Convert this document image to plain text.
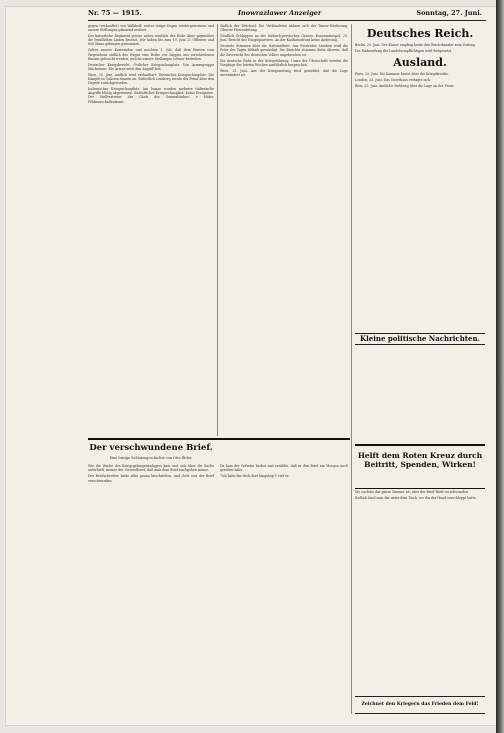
Nr. 75 — 1915.	Inowrazlawer Anzeiger	Sonntag, 27. Juni.

gegen (verkaufter) von Walkhoff, weiter einige Degen wiedergewonnen und unsere Stellungen glänzend erobert.

Der kaiserliche Regiment grosse neben westlich des Hohe Ahne gegenüber die feindlichen Linien besetzt. Wir haben bis zum 19. Juni 21 Offiziere und 800 Mann gefangen genommen.

Gehen unsere Kameraden und machten 1. Juli, daß dem Russen vom Wegeschein südlich des Weges eine Reihe von Sappen aus verschiedenen Rinnen gebracht werden, welche unsere Stellungen schwer bedrohen.

Deutscher Kriegsbericht. Östlicher Kriegsschauplatz. Von Armeegruppe Mackensen: Die Armee setzt den Angriff fort.

Wien, 25. Juni. Amtlich wird verlautbart: Russischer Kriegsschauplatz. Die Kämpfe in Galizien dauern an. Südöstlich Lemberg wurde der Feind über den Dnjestr zurückgeworfen.

Italienischer Kriegsschauplatz. Am Isonzo wurden mehrere italienische Angriffe blutig abgewiesen. Südöstlicher Kriegsschauplatz. Keine Ereignisse. Der Stellvertreter des Chefs des Generalstabes: v. Höfer, Feldmarschalleutnant.

Südlich der Weichsel. Die Verbündeten nähern sich der Tanew-Niederung. Oberste Heeresleitung.

Nördlich Schlappen an der türkisch-persischen Grenze. Konstantinopel, 25. Juni. Bericht des Hauptquartiers: An der Kaukasusfront keine Änderung.

Neutrale Stimmen über die Nationalfeier. Aus Neutralen Ländern wird die Feier des Tages lebhaft gewürdigt. Die Berichte stimmen darin überein, daß die Zuversicht des deutschen Volkes ungebrochen ist.

Die deutsche Ruhe in der Kriegsführung. Unter der Überschrift werden die Vorgänge der letzten Wochen ausführlich besprochen.

Wien, 23. Juni. Aus der Kriegszeitung wird gemeldet, daß die Lage unverändert ist.

Deutsches Reich.

Berlin, 25. Juni. Der Kaiser empfing heute den Reichskanzler zum Vortrag.

Die Einberufung der Landsturmpflichtigen wird fortgesetzt.

Ausland.

Paris, 25. Juni. Die Kammer beriet über die Kriegskredite.

London, 25. Juni. Das Unterhaus vertagte sich.

Rom, 25. Juni. Amtliche Meldung über die Lage an der Front.

Kleine politische Nachrichten.
Der verschwundene Brief.
Eine lustige Soldatengeschichte von Otto Ritter.

Wie die Wache des Kriegsgefangenenlagers kam und sich über die Sache unterhielt, meinte der Unteroffizier, daß man dem Brief nachgehen müsse.

Der Briefschreiber hatte alles genau beschrieben, und doch war der Brief verschwunden.

Da kam der Gefreite herbei und erzählte, daß er den Brief am Morgen noch gesehen habe.

"Ich habe ihn doch dort hingelegt!" rief er.

Helft dem Roten Kreuz durch Beitritt, Spenden, Wirken!

Sie suchten das ganze Zimmer ab, aber der Brief blieb verschwunden.

Endlich fand man ihn unter dem Tisch, wo ihn der Hund verschleppt hatte.

Zeichnet den Kriegern das Frieden dem Feld!
